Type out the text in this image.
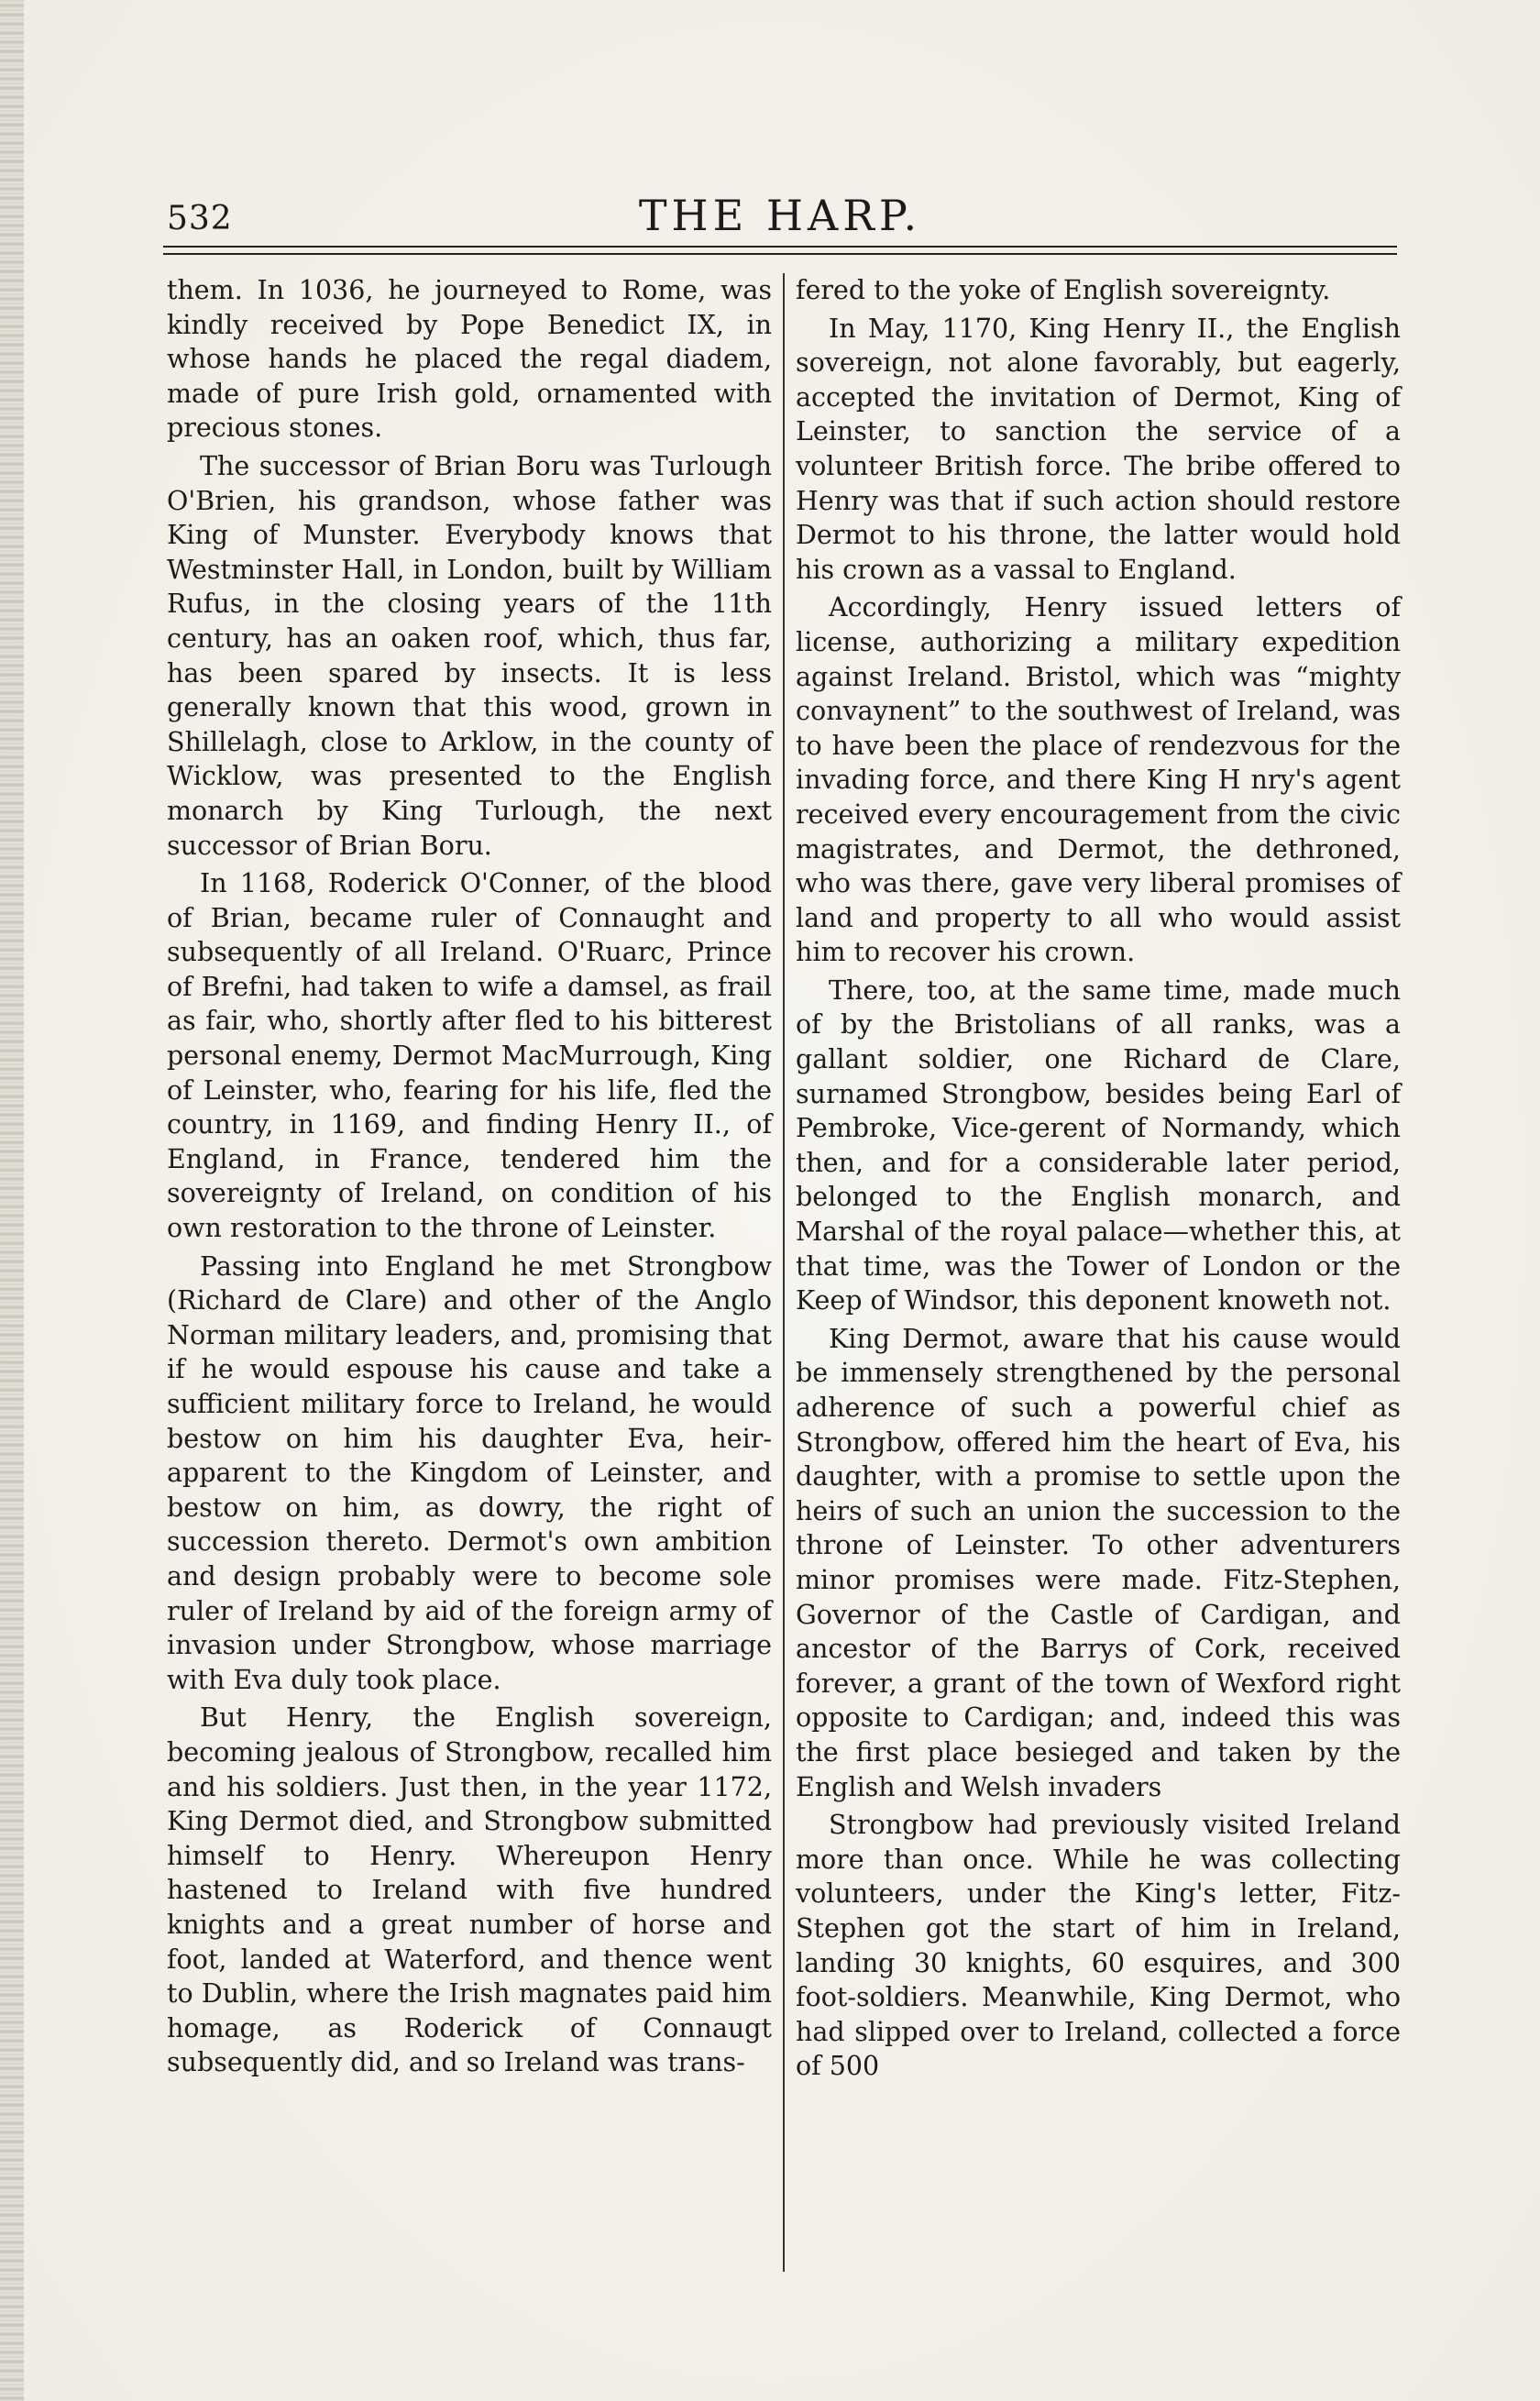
532	THE HARP.

them. In 1036, he journeyed to Rome, was kindly received by Pope Benedict IX, in whose hands he placed the regal diadem, made of pure Irish gold, ornamented with precious stones.

The successor of Brian Boru was Turlough O'Brien, his grandson, whose father was King of Munster. Everybody knows that Westminster Hall, in London, built by William Rufus, in the closing years of the 11th century, has an oaken roof, which, thus far, has been spared by insects. It is less generally known that this wood, grown in Shillelagh, close to Arklow, in the county of Wicklow, was presented to the English monarch by King Turlough, the next successor of Brian Boru.

In 1168, Roderick O'Conner, of the blood of Brian, became ruler of Connaught and subsequently of all Ireland. O'Ruarc, Prince of Brefni, had taken to wife a damsel, as frail as fair, who, shortly after fled to his bitterest personal enemy, Dermot MacMurrough, King of Leinster, who, fearing for his life, fled the country, in 1169, and finding Henry II., of England, in France, tendered him the sovereignty of Ireland, on condition of his own restoration to the throne of Leinster.

Passing into England he met Strongbow (Richard de Clare) and other of the Anglo Norman military leaders, and, promising that if he would espouse his cause and take a sufficient military force to Ireland, he would bestow on him his daughter Eva, heir-apparent to the Kingdom of Leinster, and bestow on him, as dowry, the right of succession thereto. Dermot's own ambition and design probably were to become sole ruler of Ireland by aid of the foreign army of invasion under Strongbow, whose marriage with Eva duly took place.

But Henry, the English sovereign, becoming jealous of Strongbow, recalled him and his soldiers. Just then, in the year 1172, King Dermot died, and Strongbow submitted himself to Henry. Whereupon Henry hastened to Ireland with five hundred knights and a great number of horse and foot, landed at Waterford, and thence went to Dublin, where the Irish magnates paid him homage, as Roderick of Connaugt subsequently did, and so Ireland was trans-

fered to the yoke of English sovereignty.

In May, 1170, King Henry II., the English sovereign, not alone favorably, but eagerly, accepted the invitation of Dermot, King of Leinster, to sanction the service of a volunteer British force. The bribe offered to Henry was that if such action should restore Dermot to his throne, the latter would hold his crown as a vassal to England.

Accordingly, Henry issued letters of license, authorizing a military expedition against Ireland. Bristol, which was “mighty convaynent” to the southwest of Ireland, was to have been the place of rendezvous for the invading force, and there King H nry's agent received every encouragement from the civic magistrates, and Dermot, the dethroned, who was there, gave very liberal promises of land and property to all who would assist him to recover his crown.

There, too, at the same time, made much of by the Bristolians of all ranks, was a gallant soldier, one Richard de Clare, surnamed Strongbow, besides being Earl of Pembroke, Vice-gerent of Normandy, which then, and for a considerable later period, belonged to the English monarch, and Marshal of the royal palace—whether this, at that time, was the Tower of London or the Keep of Windsor, this deponent knoweth not.

King Dermot, aware that his cause would be immensely strengthened by the personal adherence of such a powerful chief as Strongbow, offered him the heart of Eva, his daughter, with a promise to settle upon the heirs of such an union the succession to the throne of Leinster. To other adventurers minor promises were made. Fitz-Stephen, Governor of the Castle of Cardigan, and ancestor of the Barrys of Cork, received forever, a grant of the town of Wexford right opposite to Cardigan; and, indeed this was the first place besieged and taken by the English and Welsh invaders

Strongbow had previously visited Ireland more than once. While he was collecting volunteers, under the King's letter, Fitz-Stephen got the start of him in Ireland, landing 30 knights, 60 esquires, and 300 foot-soldiers. Meanwhile, King Dermot, who had slipped over to Ireland, collected a force of 500
